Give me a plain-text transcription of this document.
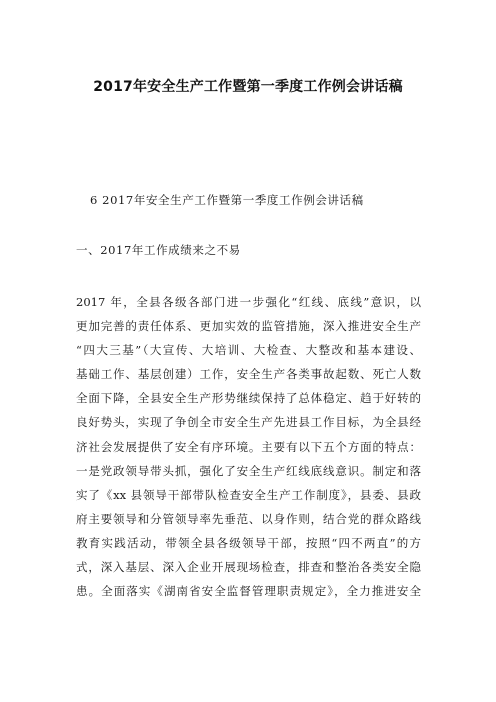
2017年安全生产工作暨第一季度工作例会讲话稿

6 2017年安全生产工作暨第一季度工作例会讲话稿

一、2017年工作成绩来之不易

2017 年，全县各级各部门进一步强化“红线、底线”意识，以
更加完善的责任体系、更加实效的监管措施，深入推进安全生产
“四大三基”（大宣传、大培训、大检查、大整改和基本建设、
基础工作、基层创建）工作，安全生产各类事故起数、死亡人数
全面下降，全县安全生产形势继续保持了总体稳定、趋于好转的
良好势头，实现了争创全市安全生产先进县工作目标，为全县经
济社会发展提供了安全有序环境。主要有以下五个方面的特点：
一是党政领导带头抓，强化了安全生产红线底线意识。制定和落
实了《xx 县领导干部带队检查安全生产工作制度》，县委、县政
府主要领导和分管领导率先垂范、以身作则，结合党的群众路线
教育实践活动，带领全县各级领导干部，按照“四不两直”的方
式，深入基层、深入企业开展现场检查，排查和整治各类安全隐
患。全面落实《湖南省安全监督管理职责规定》，全力推进安全
